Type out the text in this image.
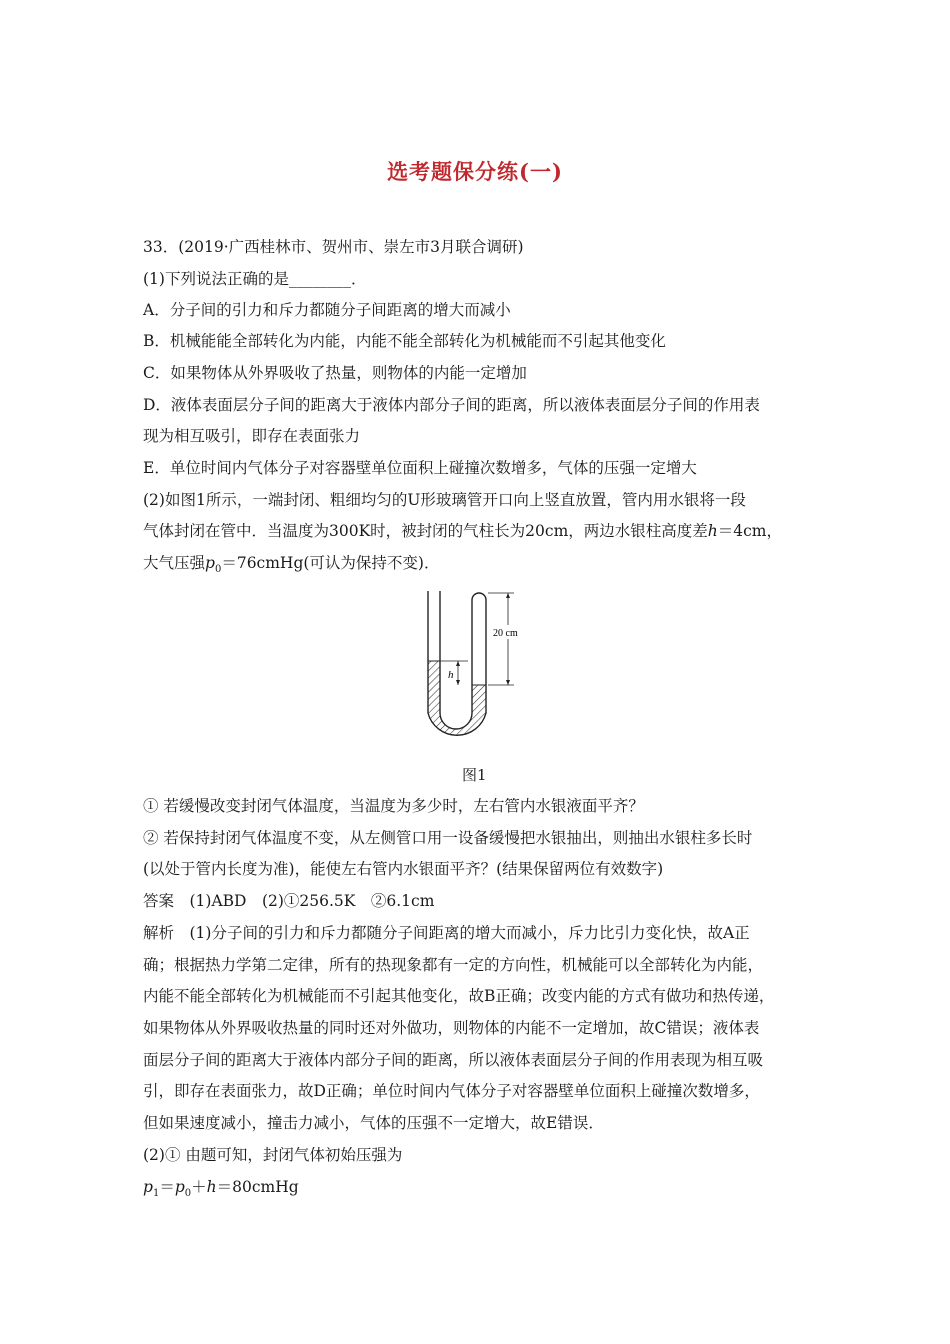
选考题保分练(一)
33．(2019·广西桂林市、贺州市、崇左市3月联合调研)
(1)下列说法正确的是________．
A．分子间的引力和斥力都随分子间距离的增大而减小
B．机械能能全部转化为内能，内能不能全部转化为机械能而不引起其他变化
C．如果物体从外界吸收了热量，则物体的内能一定增加
D．液体表面层分子间的距离大于液体内部分子间的距离，所以液体表面层分子间的作用表
现为相互吸引，即存在表面张力
E．单位时间内气体分子对容器壁单位面积上碰撞次数增多，气体的压强一定增大
(2)如图1所示，一端封闭、粗细均匀的U形玻璃管开口向上竖直放置，管内用水银将一段
气体封闭在管中．当温度为300K时，被封闭的气柱长为20cm，两边水银柱高度差h＝4cm，
大气压强$p_0=76cmHg$(可认为保持不变)．
h
20 cm
图1
① 若缓慢改变封闭气体温度，当温度为多少时，左右管内水银液面平齐？
② 若保持封闭气体温度不变，从左侧管口用一设备缓慢把水银抽出，则抽出水银柱多长时
(以处于管内长度为准)，能使左右管内水银面平齐？(结果保留两位有效数字)
答案　(1)ABD　(2)①256.5K　②6.1cm
解析　(1)分子间的引力和斥力都随分子间距离的增大而减小，斥力比引力变化快，故A正
确；根据热力学第二定律，所有的热现象都有一定的方向性，机械能可以全部转化为内能，
内能不能全部转化为机械能而不引起其他变化，故B正确；改变内能的方式有做功和热传递，
如果物体从外界吸收热量的同时还对外做功，则物体的内能不一定增加，故C错误；液体表
面层分子间的距离大于液体内部分子间的距离，所以液体表面层分子间的作用表现为相互吸
引，即存在表面张力，故D正确；单位时间内气体分子对容器壁单位面积上碰撞次数增多，
但如果速度减小，撞击力减小，气体的压强不一定增大，故E错误．
(2)① 由题可知，封闭气体初始压强为
$p_1=p_0+h=80cmHg$
